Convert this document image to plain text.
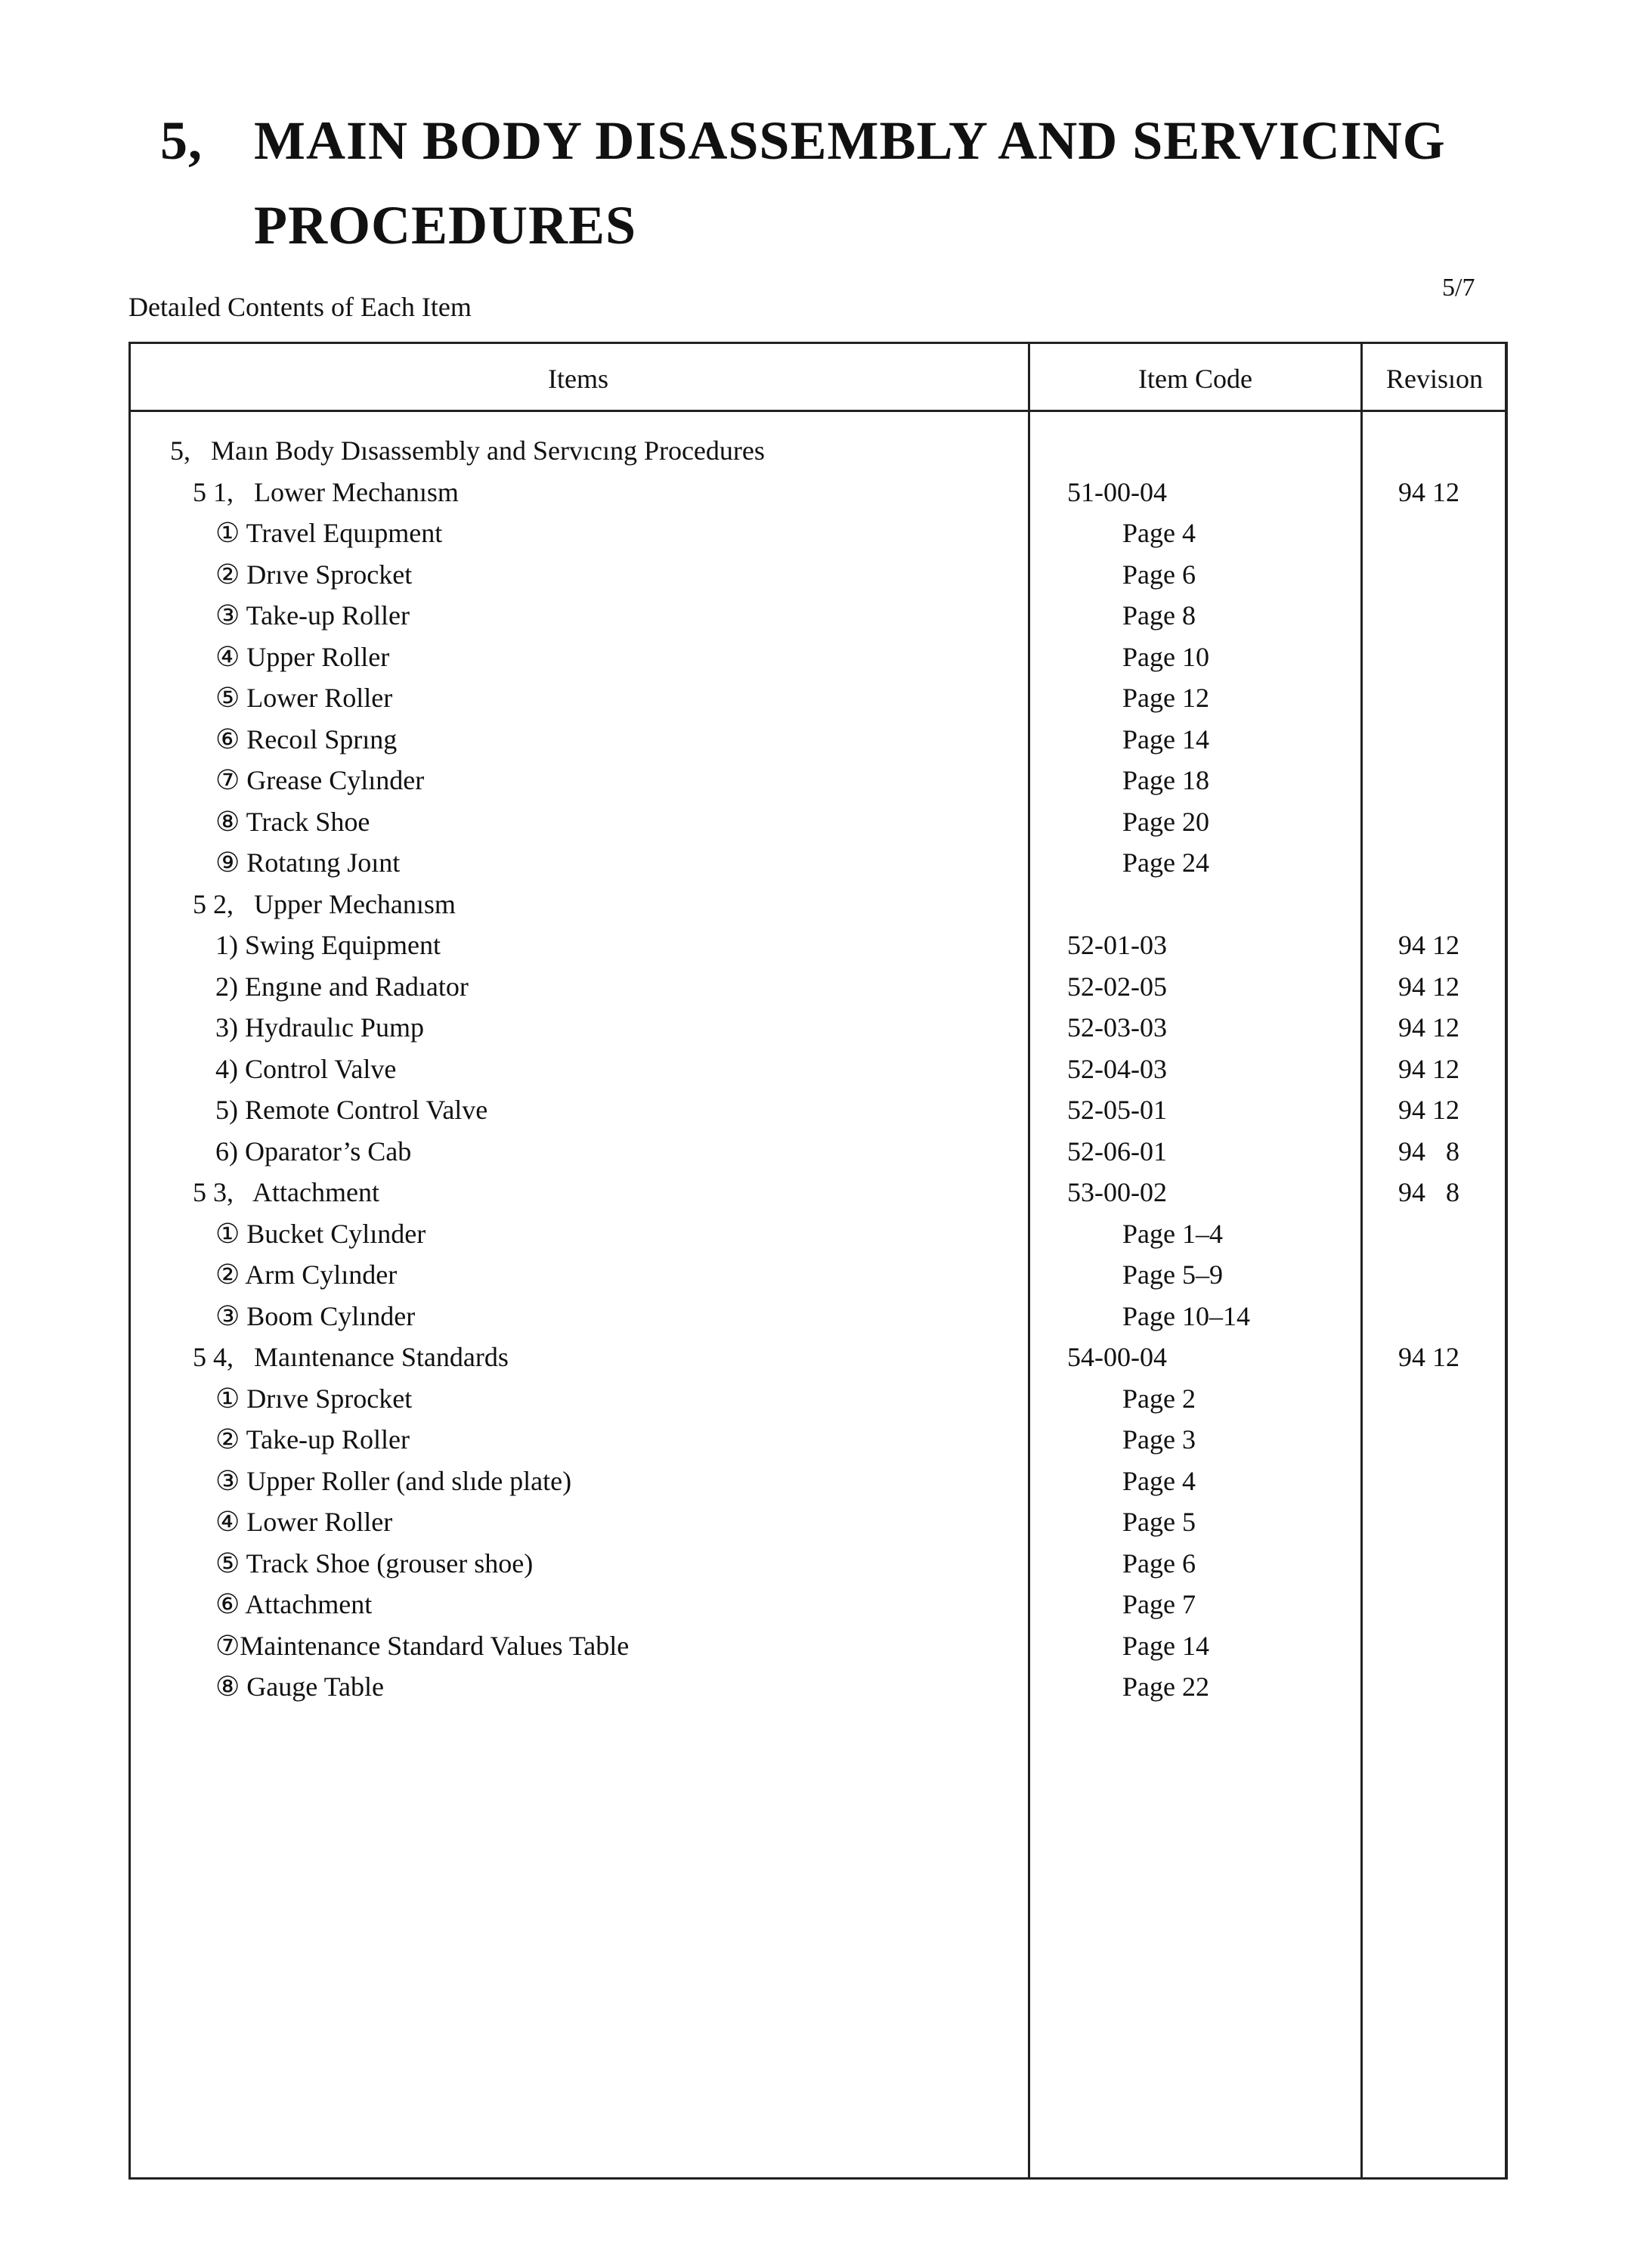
5, MAIN BODY DISASSEMBLY AND SERVICING
PROCEDURES
Detaıled Contents of Each Item
5/7
Items	Item Code	Revisıon
5,   Maın Body Dısassembly and Servıcıng Procedures
5 1,   Lower Mechanısm	51-00-04	94 12
① Travel Equıpment	Page 4
② Drıve Sprocket	Page 6
③ Take-up Roller	Page 8
④ Upper Roller	Page 10
⑤ Lower Roller	Page 12
⑥ Recoıl Sprıng	Page 14
⑦ Grease Cylınder	Page 18
⑧ Track Shoe	Page 20
⑨ Rotatıng Joınt	Page 24
5 2,   Upper Mechanısm
1) Swing Equipment	52-01-03	94 12
2) Engıne and Radıator	52-02-05	94 12
3) Hydraulıc Pump	52-03-03	94 12
4) Control Valve	52-04-03	94 12
5) Remote Control Valve	52-05-01	94 12
6) Oparator’s Cab	52-06-01	94   8
5 3,   Attachment	53-00-02	94   8
① Bucket Cylınder	Page 1–4
② Arm Cylınder	Page 5–9
③ Boom Cylınder	Page 10–14
5 4,   Maıntenance Standards	54-00-04	94 12
① Drıve Sprocket	Page 2
② Take-up Roller	Page 3
③ Upper Roller (and slıde plate)	Page 4
④ Lower Roller	Page 5
⑤ Track Shoe (grouser shoe)	Page 6
⑥ Attachment	Page 7
⑦Maintenance Standard Values Table	Page 14
⑧ Gauge Table	Page 22
